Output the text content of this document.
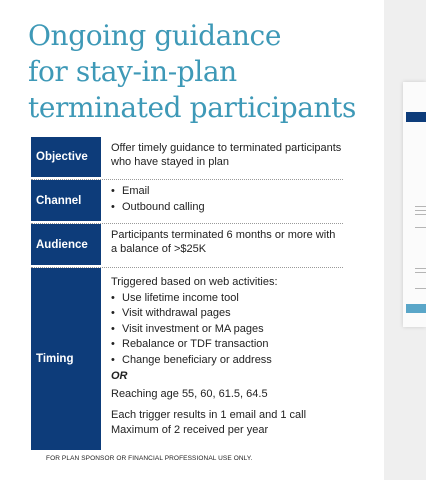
Ongoing guidance
for stay-in-plan
terminated participants
Objective
Offer timely guidance to terminated participants who have stayed in plan
Channel
• Email
• Outbound calling
Audience
Participants terminated 6 months or more with a balance of >$25K
Timing
Triggered based on web activities:
• Use lifetime income tool
• Visit withdrawal pages
• Visit investment or MA pages
• Rebalance or TDF transaction
• Change beneficiary or address
OR
Reaching age 55, 60, 61.5, 64.5
Each trigger results in 1 email and 1 call
Maximum of 2 received per year
FOR PLAN SPONSOR OR FINANCIAL PROFESSIONAL USE ONLY.
